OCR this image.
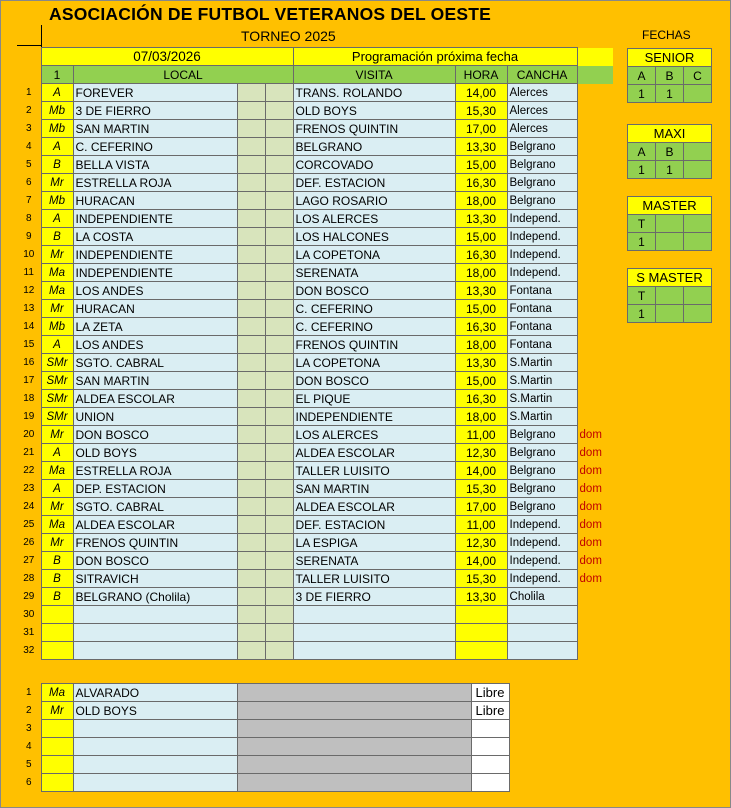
ASOCIACIÓN DE FUTBOL VETERANOS DEL OESTE
TORNEO 2025	FECHAS
	07/03/2026				Programación próxima fecha			
	1	LOCAL			VISITA	HORA	CANCHA	
1	A	FOREVER			TRANS. ROLANDO	14,00	Alerces	
2	Mb	3 DE FIERRO			OLD BOYS	15,30	Alerces	
3	Mb	SAN MARTIN			FRENOS QUINTIN	17,00	Alerces	
4	A	C. CEFERINO			BELGRANO	13,30	Belgrano	
5	B	BELLA VISTA			CORCOVADO	15,00	Belgrano	
6	Mr	ESTRELLA ROJA			DEF. ESTACION	16,30	Belgrano	
7	Mb	HURACAN			LAGO ROSARIO	18,00	Belgrano	
8	A	INDEPENDIENTE			LOS ALERCES	13,30	Independ.	
9	B	LA COSTA			LOS HALCONES	15,00	Independ.	
10	Mr	INDEPENDIENTE			LA COPETONA	16,30	Independ.	
11	Ma	INDEPENDIENTE			SERENATA	18,00	Independ.	
12	Ma	LOS ANDES			DON BOSCO	13,30	Fontana	
13	Mr	HURACAN			C. CEFERINO	15,00	Fontana	
14	Mb	LA ZETA			C. CEFERINO	16,30	Fontana	
15	A	LOS ANDES			FRENOS QUINTIN	18,00	Fontana	
16	SMr	SGTO. CABRAL			LA COPETONA	13,30	S.Martin	
17	SMr	SAN MARTIN			DON BOSCO	15,00	S.Martin	
18	SMr	ALDEA ESCOLAR			EL PIQUE	16,30	S.Martin	
19	SMr	UNION			INDEPENDIENTE	18,00	S.Martin	
20	Mr	DON BOSCO			LOS ALERCES	11,00	Belgrano	dom
21	A	OLD BOYS			ALDEA ESCOLAR	12,30	Belgrano	dom
22	Ma	ESTRELLA ROJA			TALLER LUISITO	14,00	Belgrano	dom
23	A	DEP. ESTACION			SAN MARTIN	15,30	Belgrano	dom
24	Mr	SGTO. CABRAL			ALDEA ESCOLAR	17,00	Belgrano	dom
25	Ma	ALDEA ESCOLAR			DEF. ESTACION	11,00	Independ.	dom
26	Mr	FRENOS QUINTIN			LA ESPIGA	12,30	Independ.	dom
27	B	DON BOSCO			SERENATA	14,00	Independ.	dom
28	B	SITRAVICH			TALLER LUISITO	15,30	Independ.	dom
29	B	BELGRANO (Cholila)			3 DE FIERRO	13,30	Cholila	
30								
31								
32								
1	Ma	ALVARADO		Libre
2	Mr	OLD BOYS		Libre
3				
4				
5				
6				
SENIOR		
A	B	C
1	1	
MAXI		
A	B	
1	1	
MASTER		
T		
1		
S MASTER		
T		
1		
